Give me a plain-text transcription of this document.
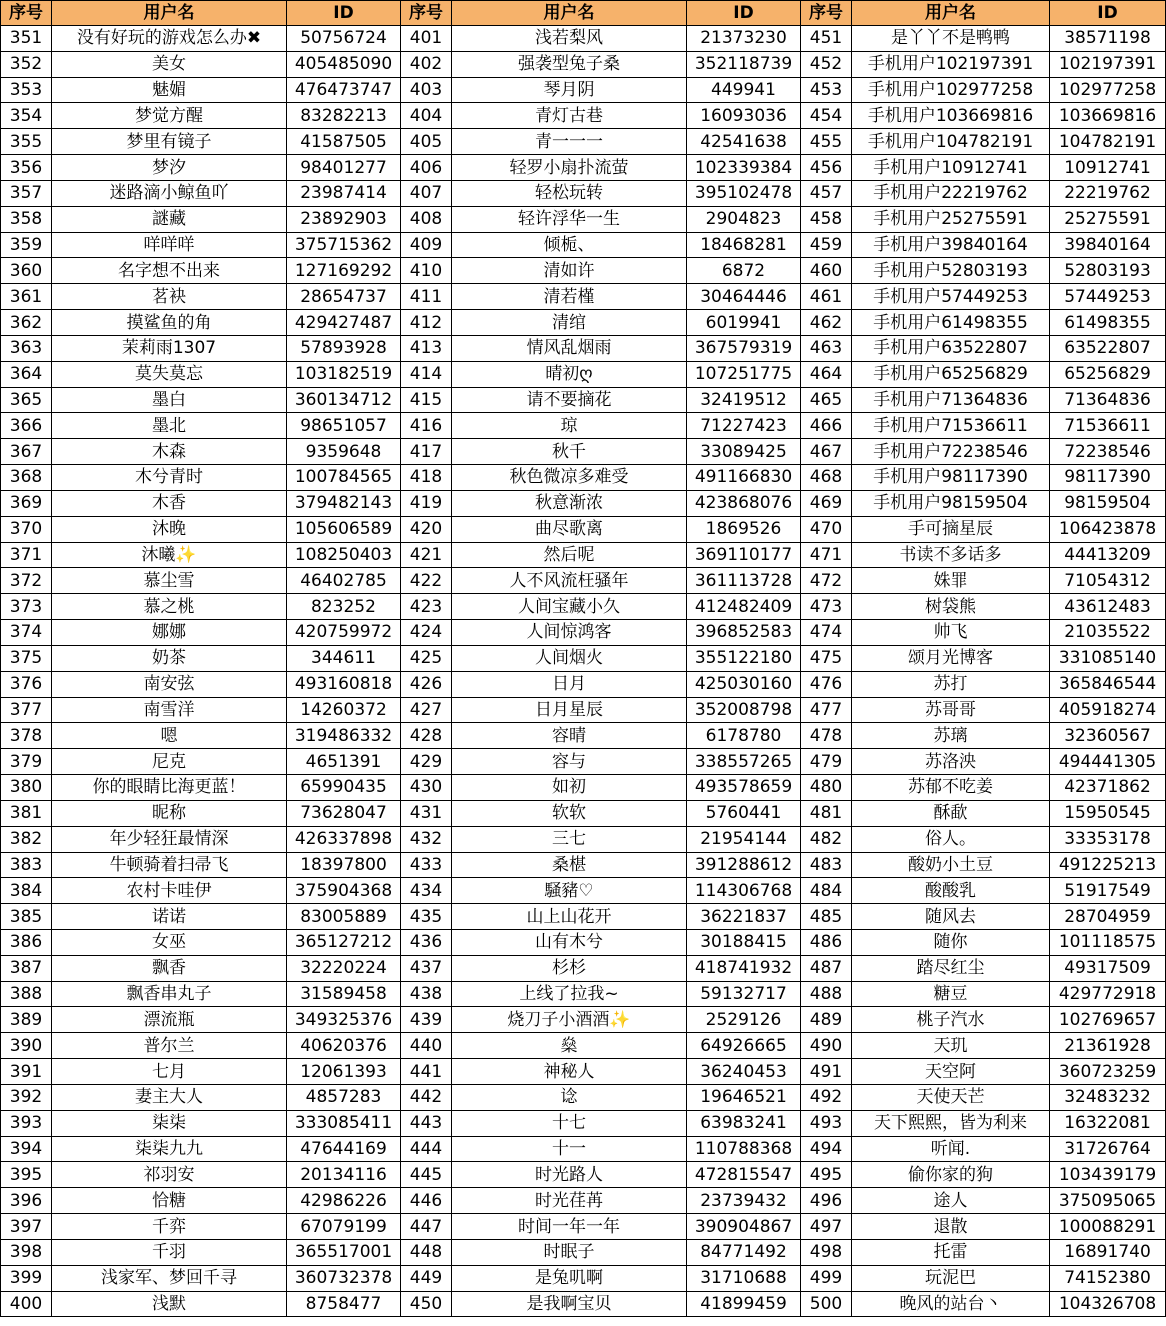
序号	用户名	ID	序号	用户名	ID	序号	用户名	ID
351	没有好玩的游戏怎么办✖	50756724	401	浅若梨风	21373230	451	是丫丫不是鸭鸭	38571198
352	美女	405485090	402	强袭型兔子桑	352118739	452	手机用户102197391	102197391
353	魅媚	476473747	403	琴月阴	449941	453	手机用户102977258	102977258
354	梦觉方醒	83282213	404	青灯古巷	16093036	454	手机用户103669816	103669816
355	梦里有镜子	41587505	405	青一一一	42541638	455	手机用户104782191	104782191
356	梦汐	98401277	406	轻罗小扇扑流萤	102339384	456	手机用户10912741	10912741
357	迷路滴小鲸鱼吖	23987414	407	轻松玩转	395102478	457	手机用户22219762	22219762
358	謎藏	23892903	408	轻许浮华一生	2904823	458	手机用户25275591	25275591
359	咩咩咩	375715362	409	倾栀、	18468281	459	手机用户39840164	39840164
360	名字想不出来	127169292	410	清如许	6872	460	手机用户52803193	52803193
361	茗袂	28654737	411	清若槿	30464446	461	手机用户57449253	57449253
362	摸鲨鱼的角	429427487	412	清绾	6019941	462	手机用户61498355	61498355
363	茉莉雨1307	57893928	413	情风乱烟雨	367579319	463	手机用户63522807	63522807
364	莫失莫忘	103182519	414	晴初ღ	107251775	464	手机用户65256829	65256829
365	墨白	360134712	415	请不要摘花	32419512	465	手机用户71364836	71364836
366	墨北	98651057	416	琼	71227423	466	手机用户71536611	71536611
367	木森	9359648	417	秋千	33089425	467	手机用户72238546	72238546
368	木兮青时	100784565	418	秋色微凉多难受	491166830	468	手机用户98117390	98117390
369	木香	379482143	419	秋意渐浓	423868076	469	手机用户98159504	98159504
370	沐晚	105606589	420	曲尽歌离	1869526	470	手可摘星辰	106423878
371	沐曦✨	108250403	421	然后呢	369110177	471	书读不多话多	44413209
372	慕尘雪	46402785	422	人不风流枉骚年	361113728	472	姝罪	71054312
373	慕之桃	823252	423	人间宝藏小久	412482409	473	树袋熊	43612483
374	娜娜	420759972	424	人间惊鸿客	396852583	474	帅飞	21035522
375	奶茶	344611	425	人间烟火	355122180	475	颂月光博客	331085140
376	南安弦	493160818	426	日月	425030160	476	苏打	365846544
377	南雪洋	14260372	427	日月星辰	352008798	477	苏哥哥	405918274
378	嗯	319486332	428	容晴	6178780	478	苏璃	32360567
379	尼克	4651391	429	容与	338557265	479	苏洛泱	494441305
380	你的眼睛比海更蓝！	65990435	430	如初	493578659	480	苏郁不吃姜	42371862
381	昵称	73628047	431	软软	5760441	481	酥歃	15950545
382	年少轻狂最情深	426337898	432	三七	21954144	482	俗人。	33353178
383	牛顿骑着扫帚飞	18397800	433	桑椹	391288612	483	酸奶小土豆	491225213
384	农村卡哇伊	375904368	434	騒豬♡	114306768	484	酸酸乳	51917549
385	诺诺	83005889	435	山上山花开	36221837	485	随风去	28704959
386	女巫	365127212	436	山有木兮	30188415	486	随你	101118575
387	飘香	32220224	437	杉杉	418741932	487	踏尽红尘	49317509
388	飘香串丸子	31589458	438	上线了拉我~	59132717	488	糖豆	429772918
389	漂流瓶	349325376	439	烧刀子小酒酒✨	2529126	489	桃子汽水	102769657
390	普尔兰	40620376	440	燊	64926665	490	天玑	21361928
391	七月	12061393	441	神秘人	36240453	491	天空阿	360723259
392	妻主大人	4857283	442	谂	19646521	492	天使天芒	32483232
393	柒柒	333085411	443	十七	63983241	493	天下熙熙，皆为利来	16322081
394	柒柒九九	47644169	444	十一	110788368	494	听闻.	31726764
395	祁羽安	20134116	445	时光路人	472815547	495	偷你家的狗	103439179
396	恰糖	42986226	446	时光荏苒	23739432	496	途人	375095065
397	千弈	67079199	447	时间一年一年	390904867	497	退散	100088291
398	千羽	365517001	448	时眠子	84771492	498	托雷	16891740
399	浅家军、梦回千寻	360732378	449	是兔叽啊	31710688	499	玩泥巴	74152380
400	浅默	8758477	450	是我啊宝贝	41899459	500	晚风的站台丶	104326708
